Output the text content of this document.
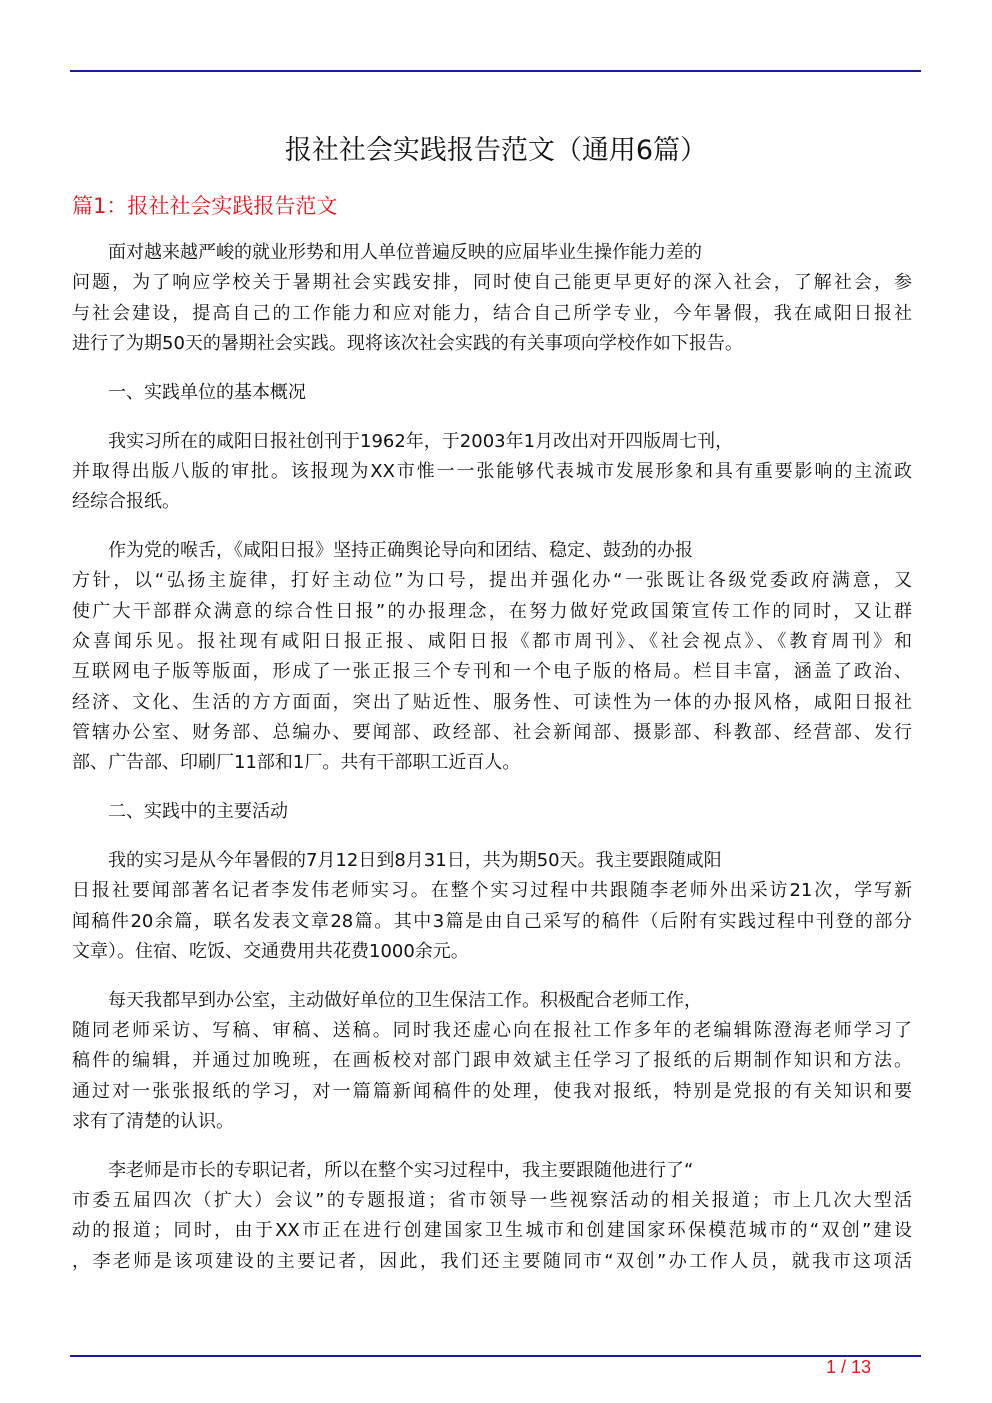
报社社会实践报告范文（通用6篇）
篇1：报社社会实践报告范文
面对越来越严峻的就业形势和用人单位普遍反映的应届毕业生操作能力差的
问题，为了响应学校关于暑期社会实践安排，同时使自己能更早更好的深入社会，了解社会，参
与社会建设，提高自己的工作能力和应对能力，结合自己所学专业，今年暑假，我在咸阳日报社
进行了为期50天的暑期社会实践。现将该次社会实践的有关事项向学校作如下报告。
一、实践单位的基本概况
我实习所在的咸阳日报社创刊于1962年，于2003年1月改出对开四版周七刊，
并取得出版八版的审批。该报现为XX市惟一一张能够代表城市发展形象和具有重要影响的主流政
经综合报纸。
作为党的喉舌，《咸阳日报》坚持正确舆论导向和团结、稳定、鼓劲的办报
方针，以“弘扬主旋律，打好主动位”为口号，提出并强化办“一张既让各级党委政府满意，又
使广大干部群众满意的综合性日报”的办报理念，在努力做好党政国策宣传工作的同时，又让群
众喜闻乐见。报社现有咸阳日报正报、咸阳日报《都市周刊》、《社会视点》、《教育周刊》和
互联网电子版等版面，形成了一张正报三个专刊和一个电子版的格局。栏目丰富，涵盖了政治、
经济、文化、生活的方方面面，突出了贴近性、服务性、可读性为一体的办报风格，咸阳日报社
管辖办公室、财务部、总编办、要闻部、政经部、社会新闻部、摄影部、科教部、经营部、发行
部、广告部、印刷厂11部和1厂。共有干部职工近百人。
二、实践中的主要活动
我的实习是从今年暑假的7月12日到8月31日，共为期50天。我主要跟随咸阳
日报社要闻部著名记者李发伟老师实习。在整个实习过程中共跟随李老师外出采访21次，学写新
闻稿件20余篇，联名发表文章28篇。其中3篇是由自己采写的稿件（后附有实践过程中刊登的部分
文章）。住宿、吃饭、交通费用共花费1000余元。
每天我都早到办公室，主动做好单位的卫生保洁工作。积极配合老师工作，
随同老师采访、写稿、审稿、送稿。同时我还虚心向在报社工作多年的老编辑陈澄海老师学习了
稿件的编辑，并通过加晚班，在画板校对部门跟申效斌主任学习了报纸的后期制作知识和方法。
通过对一张张报纸的学习，对一篇篇新闻稿件的处理，使我对报纸，特别是党报的有关知识和要
求有了清楚的认识。
李老师是市长的专职记者，所以在整个实习过程中，我主要跟随他进行了“
市委五届四次（扩大）会议”的专题报道；省市领导一些视察活动的相关报道；市上几次大型活
动的报道；同时，由于XX市正在进行创建国家卫生城市和创建国家环保模范城市的“双创”建设
，李老师是该项建设的主要记者，因此，我们还主要随同市“双创”办工作人员，就我市这项活
1 / 13
